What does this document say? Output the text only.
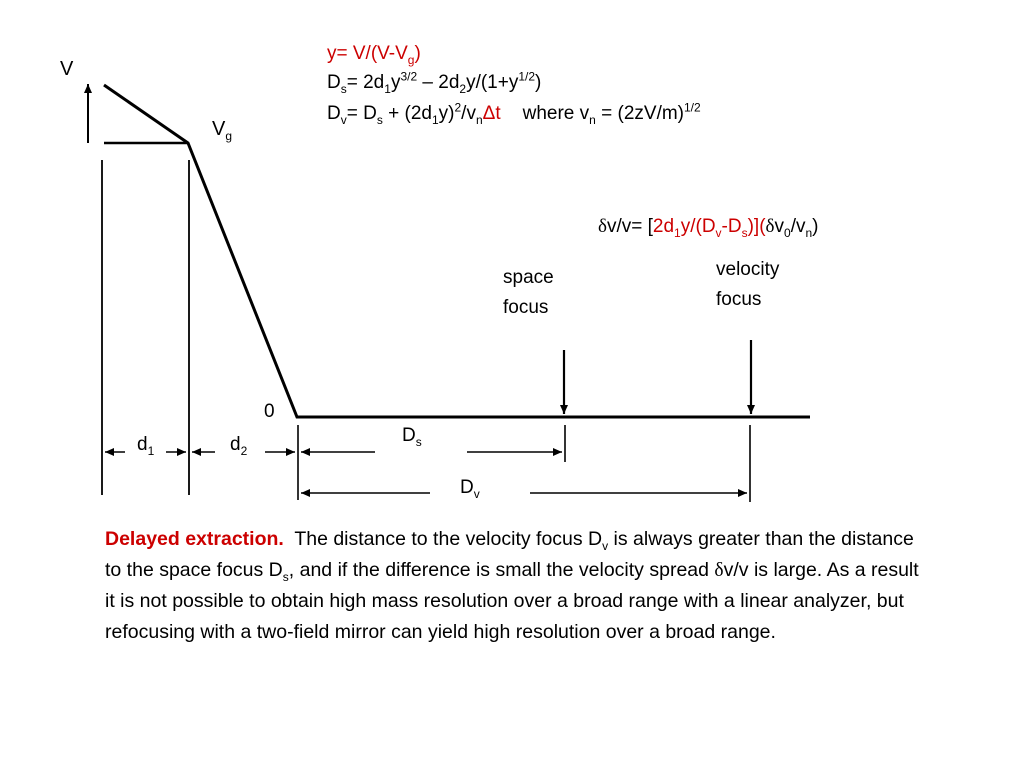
V
$V_g$
0
$d_1$	$d_2$
$D_s$
$D_v$
space
focus
velocity
focus
$y= V/(V-V_g)$
$D_s= 2d_1y^{3/2} - 2d_2y/(1+y^{1/2})$
$D_v= D_s + (2d_1y)^2/v_n\Delta t$ where $v_n = (2zV/m)^{1/2}$
$\delta v/v= [2d_1y/(D_v-D_s)](\delta v_0/v_n)$

Delayed extraction. The distance to the velocity focus $D_v$ is always greater than the distance to the space focus $D_s$, and if the difference is small the velocity spread δv/v is large. As a result it is not possible to obtain high mass resolution over a broad range with a linear analyzer, but refocusing with a two-field mirror can yield high resolution over a broad range.
